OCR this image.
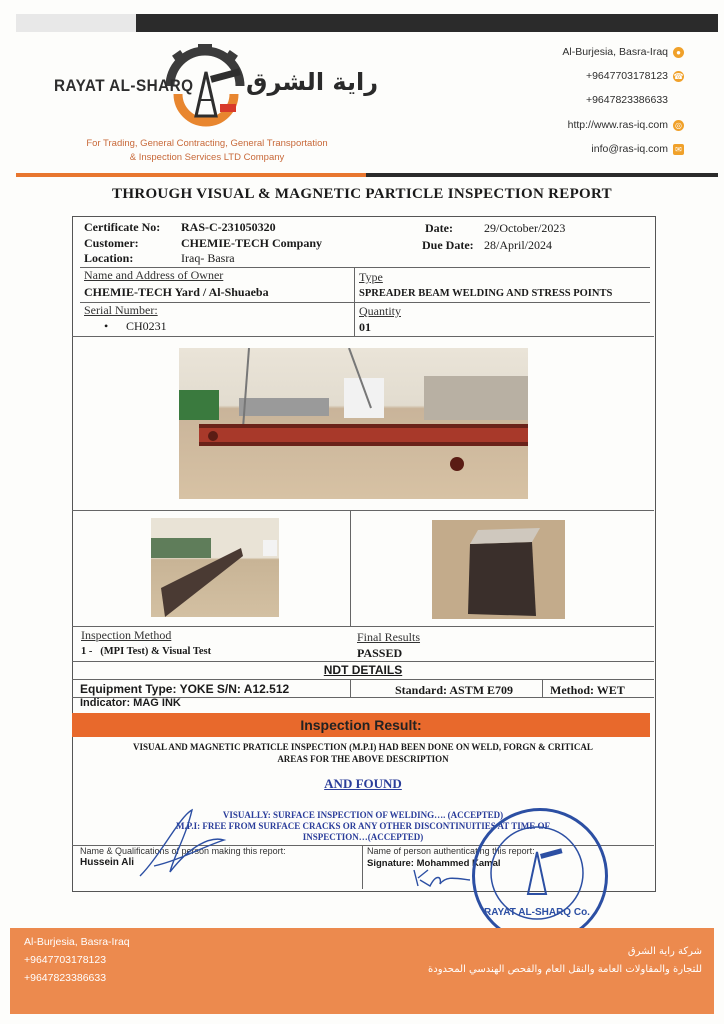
RAYAT AL-SHARQ راية الشرق
For Trading, General Contracting, General Transportation
& Inspection Services LTD Company
Al-Burjesia, Basra-Iraq ●
+9647703178123 ☎
+9647823386633
http://www.ras-iq.com ◎
info@ras-iq.com ✉
THROUGH VISUAL & MAGNETIC PARTICLE INSPECTION REPORT
Certificate No: RAS-C-231050320
Customer:	CHEMIE-TECH Company
Location:	Iraq- Basra
Date:	29/October/2023
Due Date: 28/April/2024
Name and Address of Owner
CHEMIE-TECH Yard / Al-Shuaeba
Type
SPREADER BEAM WELDING AND STRESS POINTS
Serial Number:
• CH0231
Quantity
01
Inspection Method
1 -   (MPI Test) & Visual Test
Final Results
PASSED
NDT DETAILS
Equipment Type: YOKE S/N: A12.512	Standard: ASTM E709	Method: WET
Indicator: MAG INK
Inspection Result:
VISUAL AND MAGNETIC PRATICLE INSPECTION (M.P.I) HAD BEEN DONE ON WELD, FORGN & CRITICAL
AREAS FOR THE ABOVE DESCRIPTION
AND FOUND
VISUALLY: SURFACE INSPECTION OF WELDING…. (ACCEPTED)
M.P.I: FREE FROM SURFACE CRACKS OR ANY OTHER DISCONTINUITIES AT TIME OF
INSPECTION…(ACCEPTED)
Name & Qualifications of person making this report:
Hussein Ali
Name of person authenticating this report:
Signature: Mohammed Kamal
RAYAT AL-SHARQ Co.
Al-Burjesia, Basra-Iraq
+9647703178123
+9647823386633
شركة راية الشرق
للتجارة والمقاولات العامة والنقل العام والفحص الهندسي المحدودة
